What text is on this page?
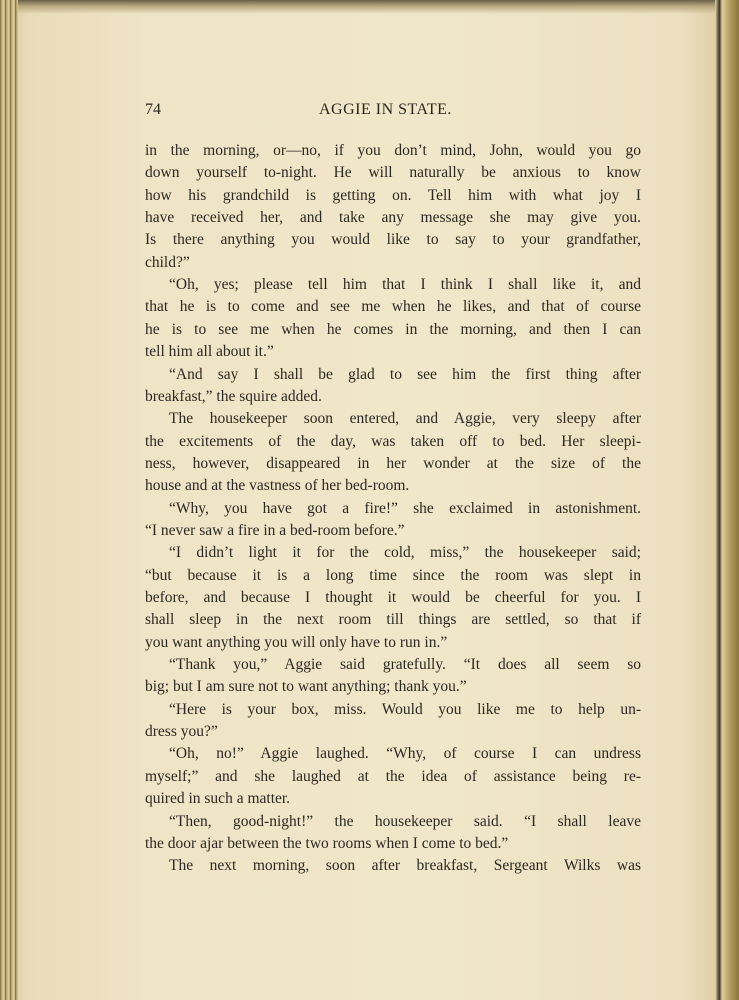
74	AGGIE IN STATE.
in the morning, or—no, if you don’t mind, John, would you go
down yourself to-night. He will naturally be anxious to know
how his grandchild is getting on. Tell him with what joy I
have received her, and take any message she may give you.
Is there anything you would like to say to your grandfather,
child?”
“Oh, yes; please tell him that I think I shall like it, and
that he is to come and see me when he likes, and that of course
he is to see me when he comes in the morning, and then I can
tell him all about it.”
“And say I shall be glad to see him the first thing after
breakfast,” the squire added.
The housekeeper soon entered, and Aggie, very sleepy after
the excitements of the day, was taken off to bed. Her sleepi-
ness, however, disappeared in her wonder at the size of the
house and at the vastness of her bed-room.
“Why, you have got a fire!” she exclaimed in astonishment.
“I never saw a fire in a bed-room before.”
“I didn’t light it for the cold, miss,” the housekeeper said;
“but because it is a long time since the room was slept in
before, and because I thought it would be cheerful for you. I
shall sleep in the next room till things are settled, so that if
you want anything you will only have to run in.”
“Thank you,” Aggie said gratefully. “It does all seem so
big; but I am sure not to want anything; thank you.”
“Here is your box, miss. Would you like me to help un-
dress you?”
“Oh, no!” Aggie laughed. “Why, of course I can undress
myself;” and she laughed at the idea of assistance being re-
quired in such a matter.
“Then, good-night!” the housekeeper said. “I shall leave
the door ajar between the two rooms when I come to bed.”
The next morning, soon after breakfast, Sergeant Wilks was
